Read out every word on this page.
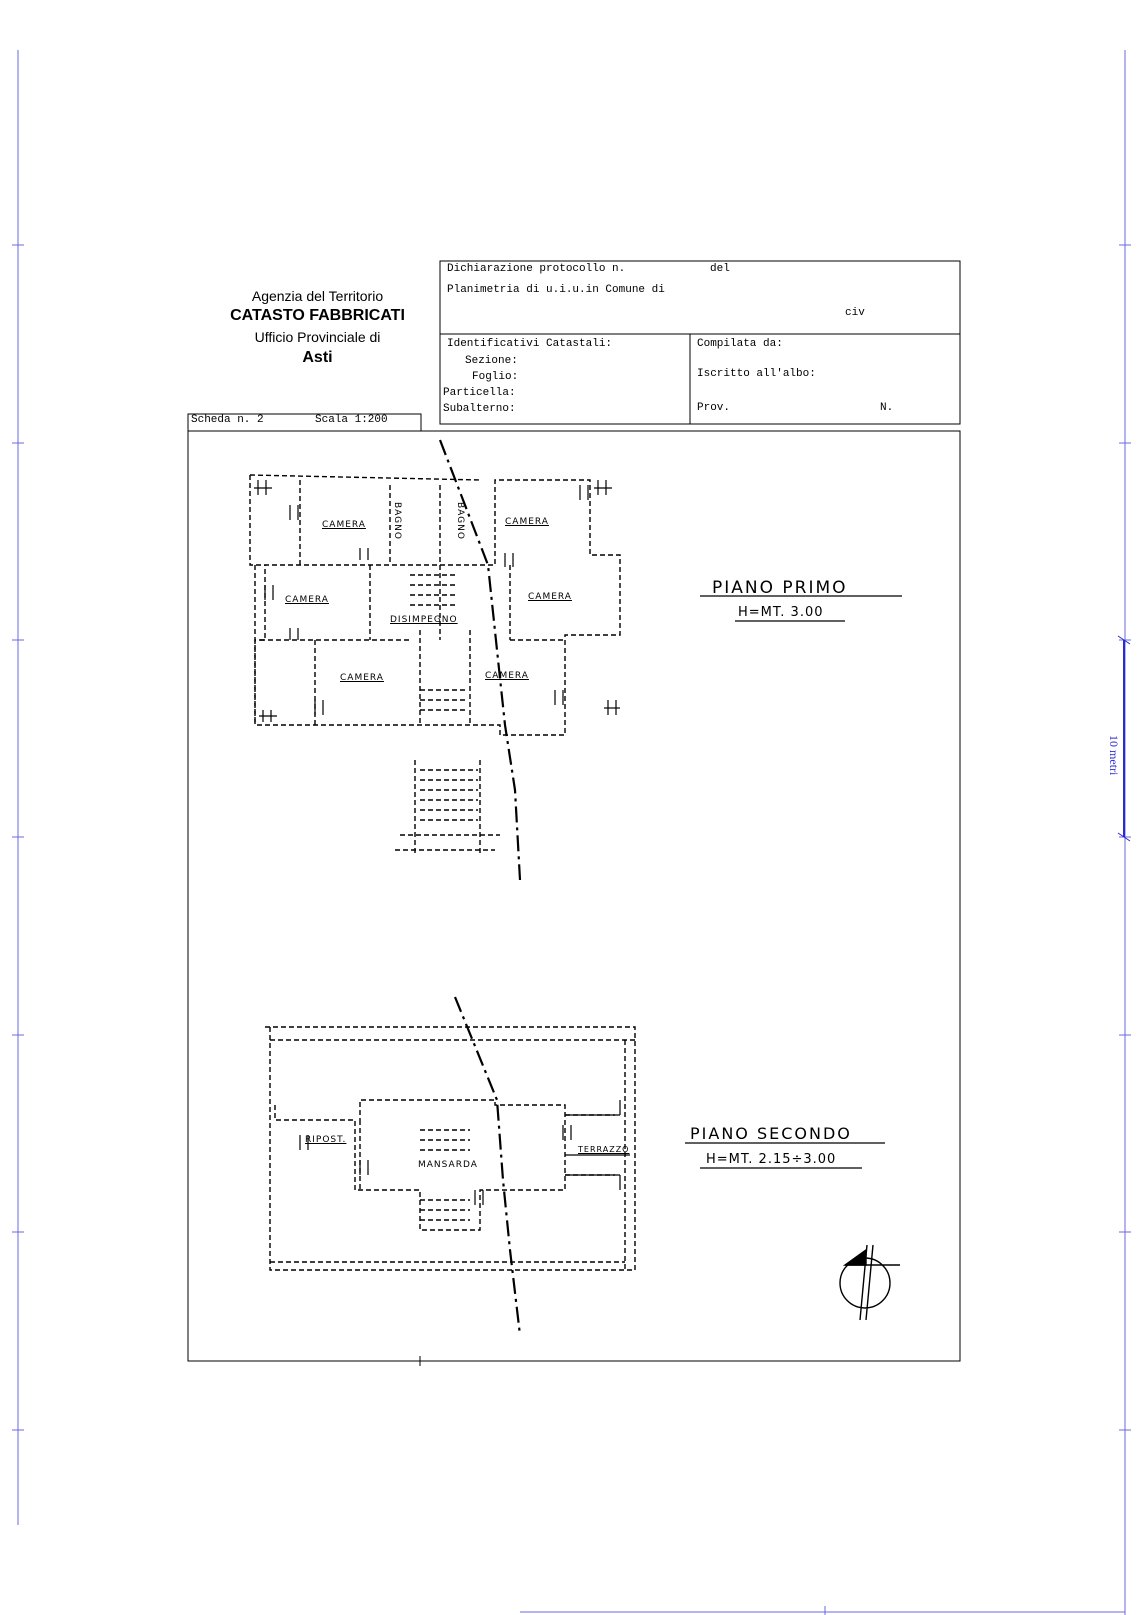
Agenzia del Territorio
CATASTO FABBRICATI
Ufficio Provinciale di
Asti
Dichiarazione protocollo n.	del
Planimetria di u.i.u.in Comune di
civ
Identificativi Catastali:
Sezione:
Foglio:
Particella:
Subalterno:
Compilata da:
Iscritto all'albo:
Prov.	N.
Scheda n. 2	Scala 1:200
CAMERA	BAGNO	BAGNO	CAMERA
CAMERA
DISIMPEGNO
CAMERA
CAMERA	CAMERA
PIANO PRIMO
H=MT. 3.00
RIPOST.
MANSARDA
TERRAZZO
PIANO SECONDO
H=MT. 2.15÷3.00
10 metri
